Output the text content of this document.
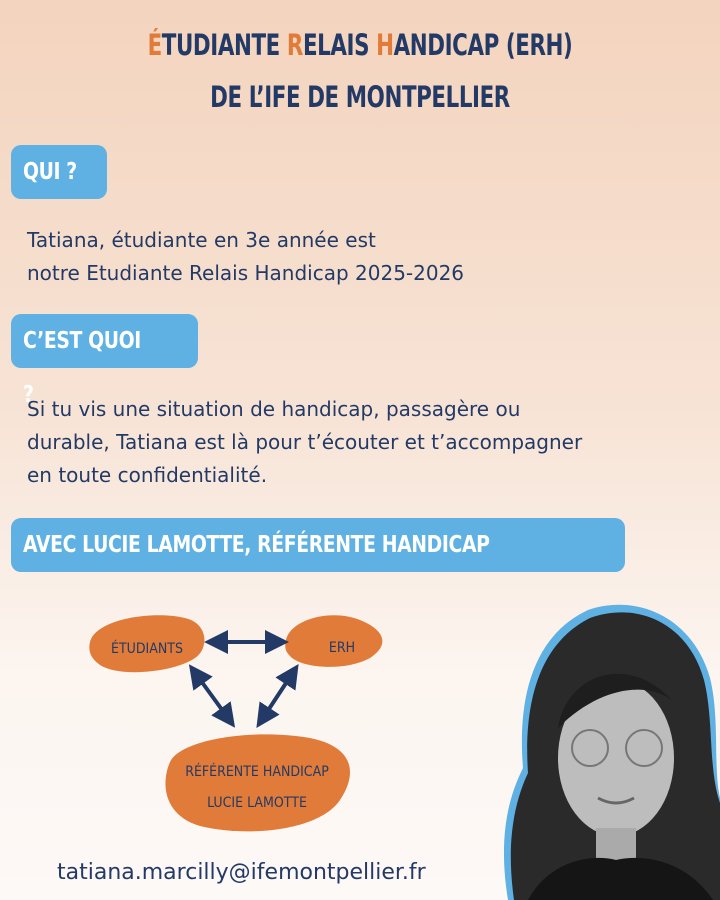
ÉTUDIANTE RELAIS HANDICAP (ERH)
DE L’IFE DE MONTPELLIER
QUI ?
Tatiana, étudiante en 3e année est
notre Etudiante Relais Handicap 2025-2026
C’EST QUOI ?
Si tu vis une situation de handicap, passagère ou
durable, Tatiana est là pour t’écouter et t’accompagner
en toute confidentialité.
AVEC LUCIE LAMOTTE, RÉFÉRENTE HANDICAP
ÉTUDIANTS	ERH
RÉFÉRENTE HANDICAP
LUCIE LAMOTTE
tatiana.marcilly@ifemontpellier.fr
